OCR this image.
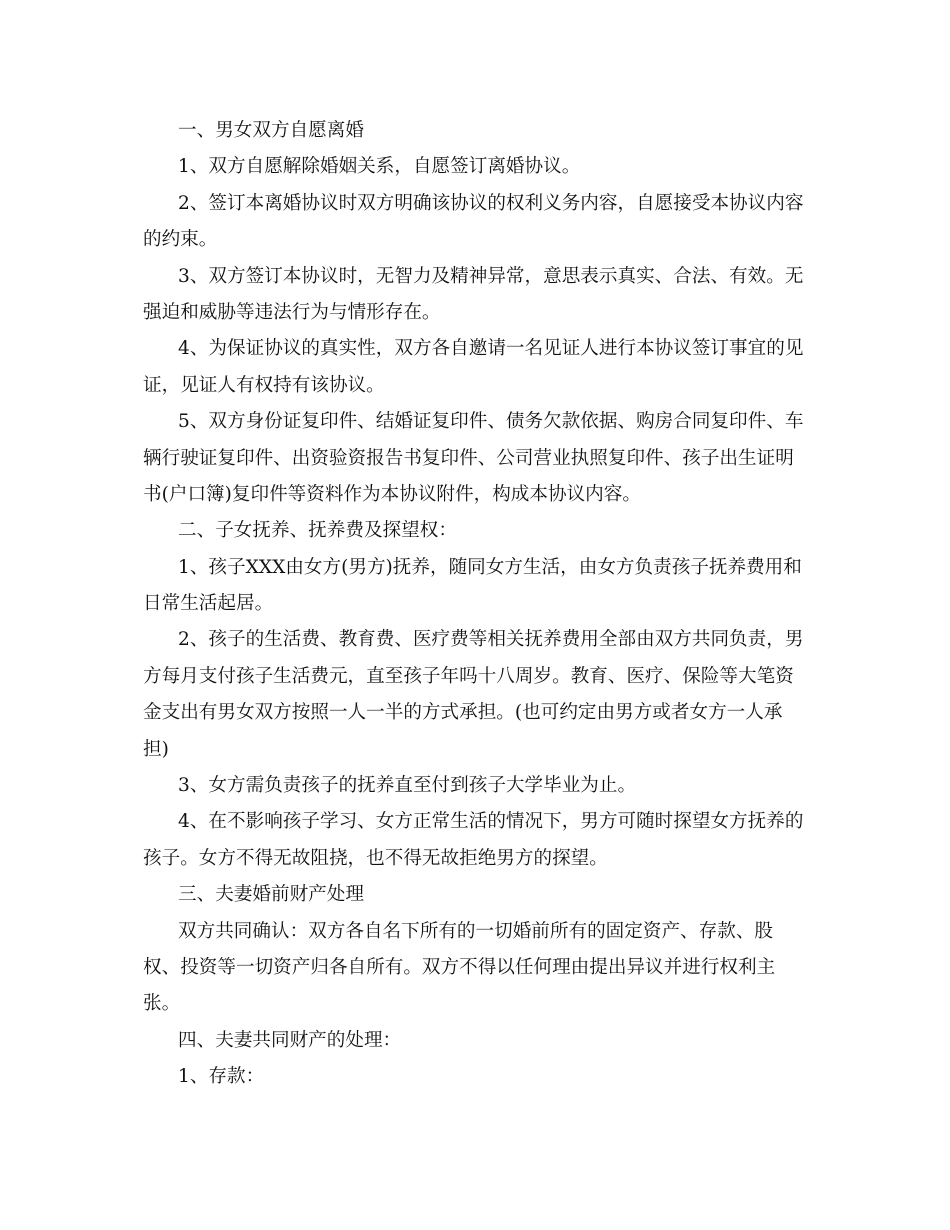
一、男女双方自愿离婚
1、双方自愿解除婚姻关系，自愿签订离婚协议。
2、签订本离婚协议时双方明确该协议的权利义务内容，自愿接受本协议内容
的约束。
3、双方签订本协议时，无智力及精神异常，意思表示真实、合法、有效。无
强迫和威胁等违法行为与情形存在。
4、为保证协议的真实性，双方各自邀请一名见证人进行本协议签订事宜的见
证，见证人有权持有该协议。
5、双方身份证复印件、结婚证复印件、债务欠款依据、购房合同复印件、车
辆行驶证复印件、出资验资报告书复印件、公司营业执照复印件、孩子出生证明
书(户口簿)复印件等资料作为本协议附件，构成本协议内容。
二、子女抚养、抚养费及探望权：
1、孩子XXX由女方(男方)抚养，随同女方生活，由女方负责孩子抚养费用和
日常生活起居。
2、孩子的生活费、教育费、医疗费等相关抚养费用全部由双方共同负责，男
方每月支付孩子生活费元，直至孩子年吗十八周岁。教育、医疗、保险等大笔资
金支出有男女双方按照一人一半的方式承担。(也可约定由男方或者女方一人承
担)
3、女方需负责孩子的抚养直至付到孩子大学毕业为止。
4、在不影响孩子学习、女方正常生活的情况下，男方可随时探望女方抚养的
孩子。女方不得无故阻挠，也不得无故拒绝男方的探望。
三、夫妻婚前财产处理
双方共同确认：双方各自名下所有的一切婚前所有的固定资产、存款、股
权、投资等一切资产归各自所有。双方不得以任何理由提出异议并进行权利主
张。
四、夫妻共同财产的处理：
1、存款：
